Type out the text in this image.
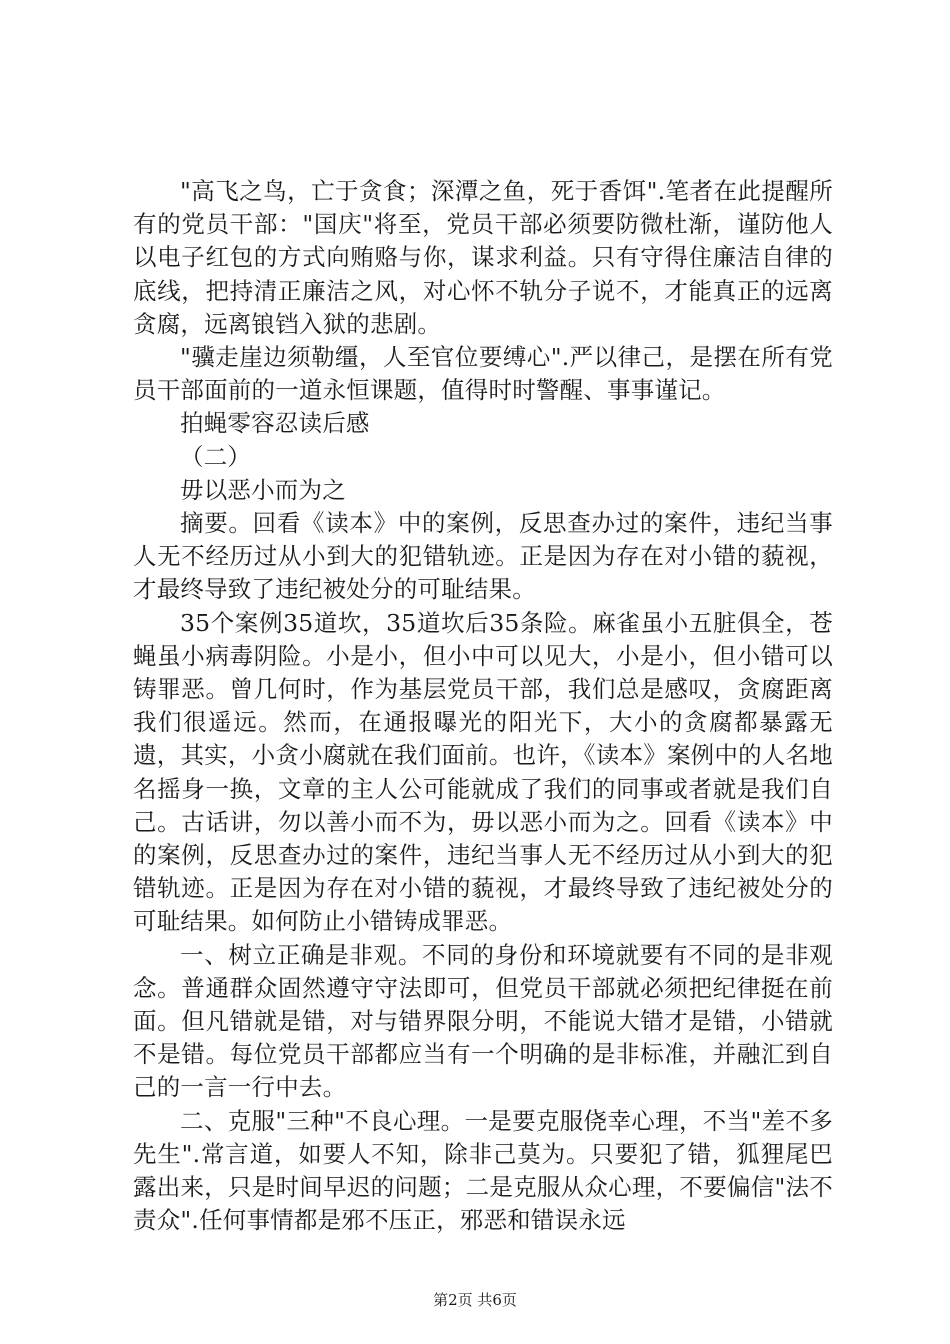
"高飞之鸟，亡于贪食；深潭之鱼，死于香饵".笔者在此提醒所有的党员干部："国庆"将至，党员干部必须要防微杜渐，谨防他人以电子红包的方式向贿赂与你，谋求利益。只有守得住廉洁自律的底线，把持清正廉洁之风，对心怀不轨分子说不，才能真正的远离贪腐，远离锒铛入狱的悲剧。

"骥走崖边须勒缰，人至官位要缚心".严以律己，是摆在所有党员干部面前的一道永恒课题，值得时时警醒、事事谨记。

拍蝇零容忍读后感

（二）

毋以恶小而为之

摘要。回看《读本》中的案例，反思查办过的案件，违纪当事人无不经历过从小到大的犯错轨迹。正是因为存在对小错的藐视，才最终导致了违纪被处分的可耻结果。

35个案例35道坎，35道坎后35条险。麻雀虽小五脏俱全，苍蝇虽小病毒阴险。小是小，但小中可以见大，小是小，但小错可以铸罪恶。曾几何时，作为基层党员干部，我们总是感叹，贪腐距离我们很遥远。然而，在通报曝光的阳光下，大小的贪腐都暴露无遗，其实，小贪小腐就在我们面前。也许，《读本》案例中的人名地名摇身一换，文章的主人公可能就成了我们的同事或者就是我们自己。古话讲，勿以善小而不为，毋以恶小而为之。回看《读本》中的案例，反思查办过的案件，违纪当事人无不经历过从小到大的犯错轨迹。正是因为存在对小错的藐视，才最终导致了违纪被处分的可耻结果。如何防止小错铸成罪恶。

一、树立正确是非观。不同的身份和环境就要有不同的是非观念。普通群众固然遵守守法即可，但党员干部就必须把纪律挺在前面。但凡错就是错，对与错界限分明，不能说大错才是错，小错就不是错。每位党员干部都应当有一个明确的是非标准，并融汇到自己的一言一行中去。

二、克服"三种"不良心理。一是要克服侥幸心理，不当"差不多先生".常言道，如要人不知，除非己莫为。只要犯了错，狐狸尾巴露出来，只是时间早迟的问题；二是克服从众心理，不要偏信"法不责众".任何事情都是邪不压正，邪恶和错误永远

第2页 共6页
